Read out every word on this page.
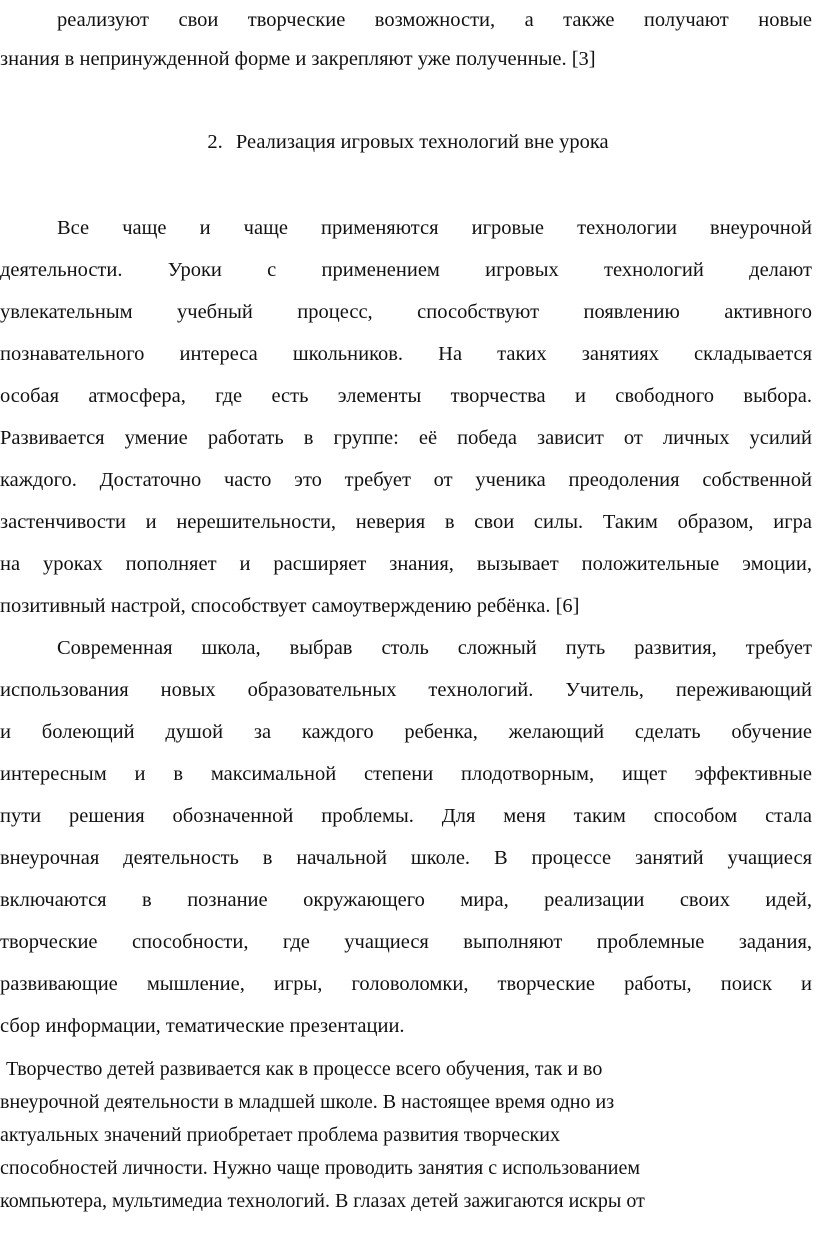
реализуют свои творческие возможности, а также получают новые
знания в непринужденной форме и закрепляют уже полученные. [3]
2. Реализация игровых технологий вне урока
Все чаще и чаще применяются игровые технологии внеурочной
деятельности. Уроки с применением игровых технологий делают
увлекательным учебный процесс, способствуют появлению активного
познавательного интереса школьников. На таких занятиях складывается
особая атмосфера, где есть элементы творчества и свободного выбора.
Развивается умение работать в группе: её победа зависит от личных усилий
каждого. Достаточно часто это требует от ученика преодоления собственной
застенчивости и нерешительности, неверия в свои силы. Таким образом, игра
на уроках пополняет и расширяет знания, вызывает положительные эмоции,
позитивный настрой, способствует самоутверждению ребёнка. [6]
Современная школа, выбрав столь сложный путь развития, требует
использования новых образовательных технологий. Учитель, переживающий
и болеющий душой за каждого ребенка, желающий сделать обучение
интересным и в максимальной степени плодотворным, ищет эффективные
пути решения обозначенной проблемы. Для меня таким способом стала
внеурочная деятельность в начальной школе. В процессе занятий учащиеся
включаются в познание окружающего мира, реализации своих идей,
творческие способности, где учащиеся выполняют проблемные задания,
развивающие мышление, игры, головоломки, творческие работы, поиск и
сбор информации, тематические презентации.
Творчество детей развивается как в процессе всего обучения, так и во
внеурочной деятельности в младшей школе. В настоящее время одно из
актуальных значений приобретает проблема развития творческих
способностей личности. Нужно чаще проводить занятия с использованием
компьютера, мультимедиа технологий. В глазах детей зажигаются искры от
